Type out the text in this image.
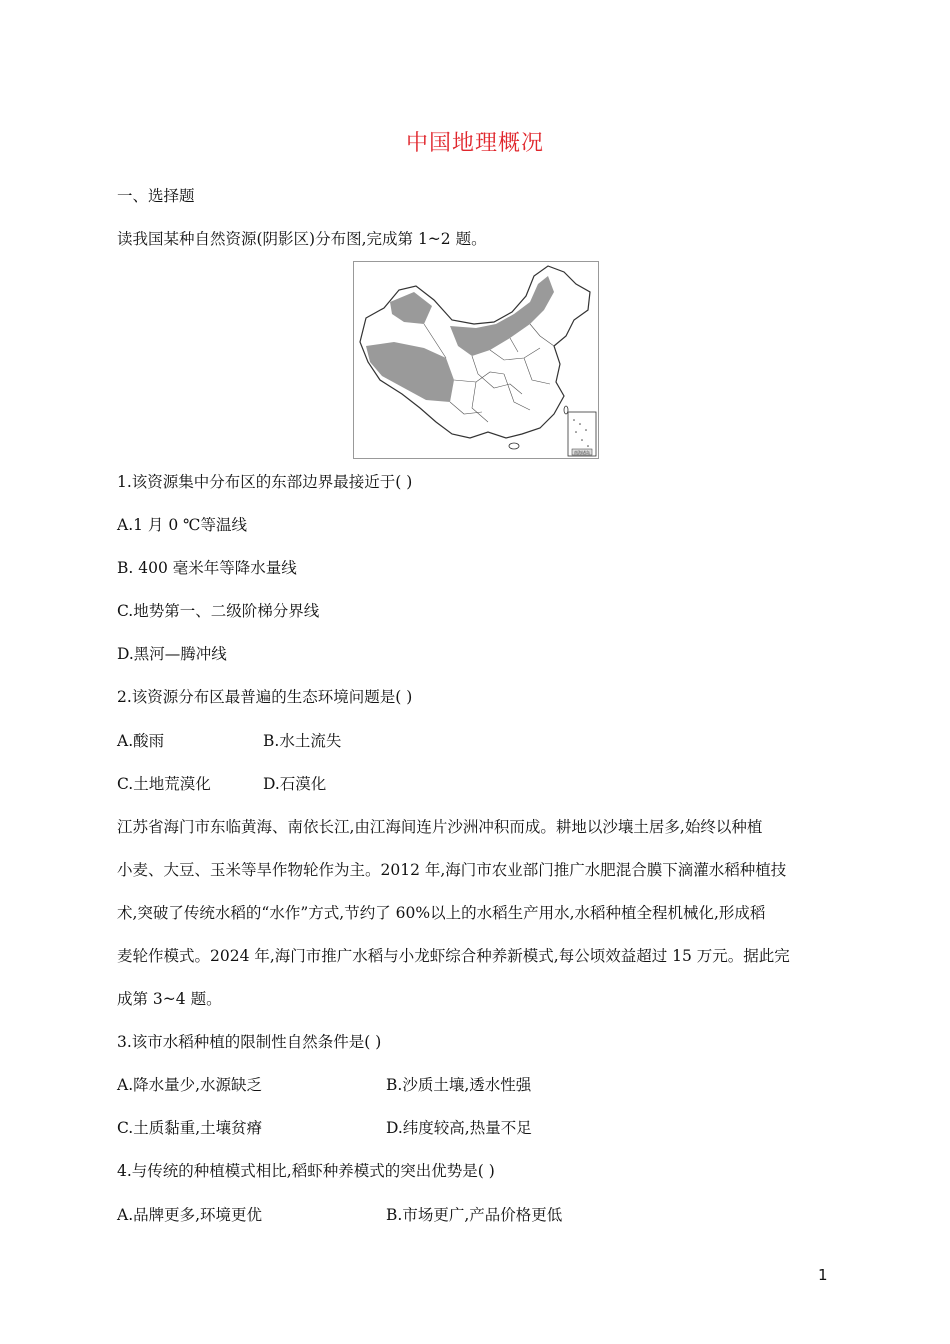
中国地理概况
一、选择题
读我国某种自然资源(阴影区)分布图,完成第 1~2 题。
南海诸岛
1.该资源集中分布区的东部边界最接近于( )
A.1 月 0 ℃等温线
B. 400 毫米年等降水量线
C.地势第一、二级阶梯分界线
D.黑河—腾冲线
2.该资源分布区最普遍的生态环境问题是( )
A.酸雨	B.水土流失
C.土地荒漠化	D.石漠化
江苏省海门市东临黄海、南依长江,由江海间连片沙洲冲积而成。耕地以沙壤土居多,始终以种植
小麦、大豆、玉米等旱作物轮作为主。2012 年,海门市农业部门推广水肥混合膜下滴灌水稻种植技
术,突破了传统水稻的“水作”方式,节约了 60%以上的水稻生产用水,水稻种植全程机械化,形成稻
麦轮作模式。2024 年,海门市推广水稻与小龙虾综合种养新模式,每公顷效益超过 15 万元。据此完
成第 3~4 题。
3.该市水稻种植的限制性自然条件是( )
A.降水量少,水源缺乏	B.沙质土壤,透水性强
C.土质黏重,土壤贫瘠	D.纬度较高,热量不足
4.与传统的种植模式相比,稻虾种养模式的突出优势是( )
A.品牌更多,环境更优	B.市场更广,产品价格更低
1
